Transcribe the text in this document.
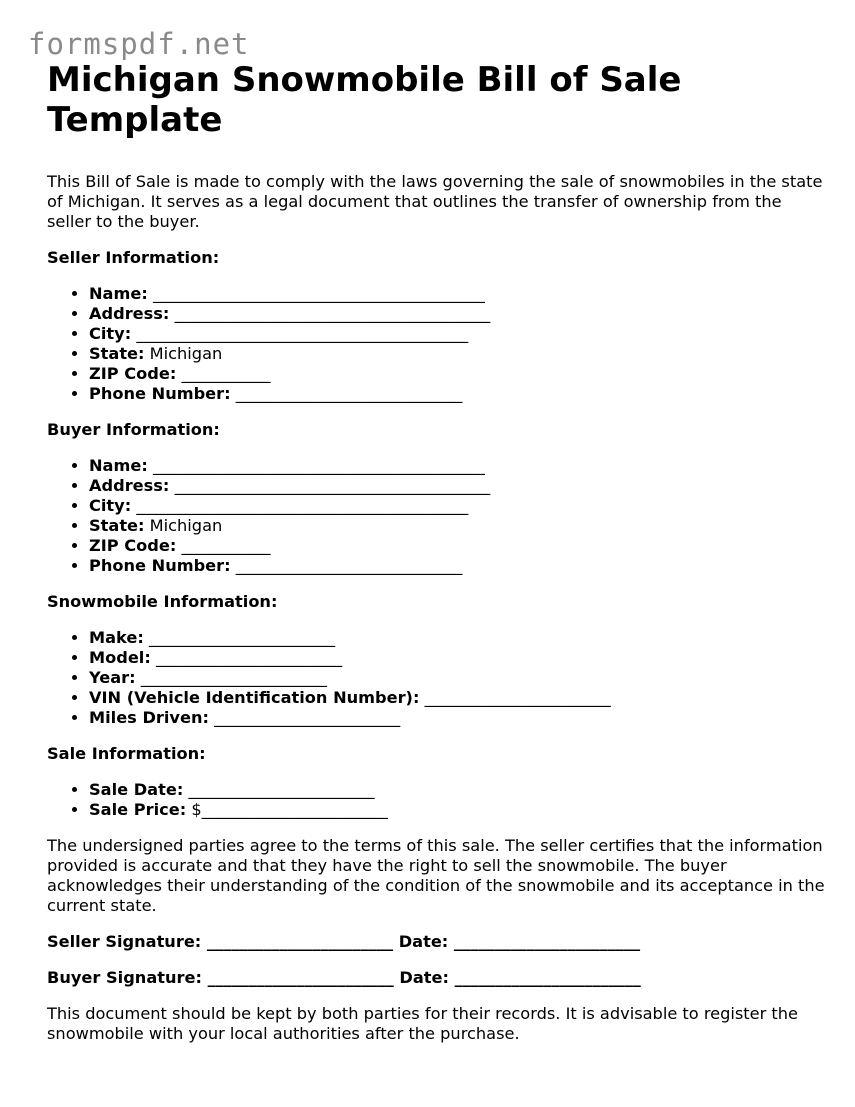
formspdf.net
Michigan Snowmobile Bill of Sale Template

This Bill of Sale is made to comply with the laws governing the sale of snowmobiles in the state of Michigan. It serves as a legal document that outlines the transfer of ownership from the seller to the buyer.

Seller Information:

• Name: _________________________________________
• Address: _______________________________________
• City: _________________________________________
• State: Michigan
• ZIP Code: ___________
• Phone Number: ____________________________

Buyer Information:

• Name: _________________________________________
• Address: _______________________________________
• City: _________________________________________
• State: Michigan
• ZIP Code: ___________
• Phone Number: ____________________________

Snowmobile Information:

• Make: _______________________
• Model: _______________________
• Year: _______________________
• VIN (Vehicle Identification Number): _______________________
• Miles Driven: _______________________

Sale Information:

• Sale Date: _______________________
• Sale Price: $_______________________

The undersigned parties agree to the terms of this sale. The seller certifies that the information provided is accurate and that they have the right to sell the snowmobile. The buyer acknowledges their understanding of the condition of the snowmobile and its acceptance in the current state.

Seller Signature: _______________________ Date: _______________________

Buyer Signature: _______________________ Date: _______________________

This document should be kept by both parties for their records. It is advisable to register the snowmobile with your local authorities after the purchase.
